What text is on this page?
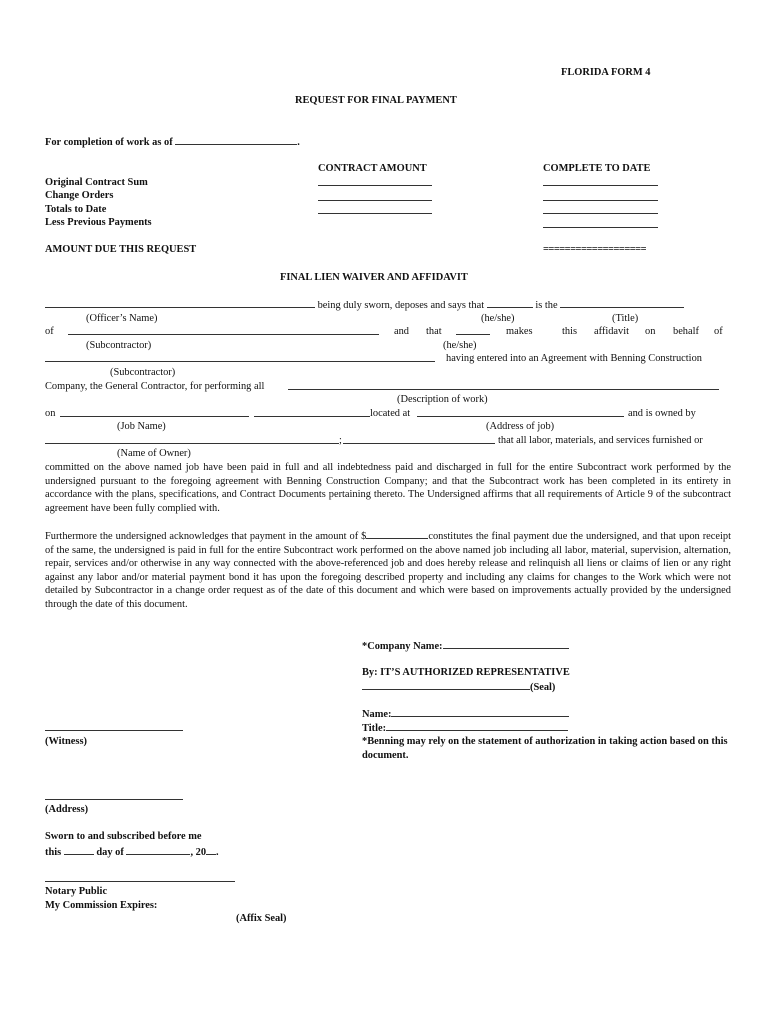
FLORIDA FORM 4
REQUEST FOR FINAL PAYMENT
For completion of work as of	.
CONTRACT AMOUNT	COMPLETE TO DATE
Original Contract Sum
Change Orders
Totals to Date
Less Previous Payments
AMOUNT DUE THIS REQUEST	===================
FINAL LIEN WAIVER AND AFFIDAVIT
being duly sworn, deposes and says that	is the
(Officer’s Name)	(he/she)	(Title)
of	and that	makes	this affidavit on behalf of
(Subcontractor)	(he/she)
having entered into an Agreement with Benning Construction
(Subcontractor)
Company, the General Contractor, for performing all
(Description of work)
on	located at	and is owned by
(Job Name)	(Address of job)
;	that all labor, materials, and services furnished or
(Name of Owner)
committed on the above named job have been paid in full and all indebtedness paid and discharged in full for the entire Subcontract work performed by the undersigned pursuant to the foregoing agreement with Benning Construction Company; and that the Subcontract work has been completed in its entirety in accordance with the plans, specifications, and Contract Documents pertaining thereto. The Undersigned affirms that all requirements of Article 9 of the subcontract agreement have been fully complied with.
Furthermore the undersigned acknowledges that payment in the amount of $	constitutes the final payment due the undersigned, and that upon receipt of the same, the undersigned is paid in full for the entire Subcontract work performed on the above named job including all labor, material, supervision, alternation, repair, services and/or otherwise in any way connected with the above-referenced job and does hereby release and relinquish all liens or claims of lien or any right against any labor and/or material payment bond it has upon the foregoing described property and including any claims for changes to the Work which were not detailed by Subcontractor in a change order request as of the date of this document and which were based on improvements actually provided by the undersigned through the date of this document.
*Company Name:
By: IT’S AUTHORIZED REPRESENTATIVE
(Seal)
Name:
Title:
*Benning may rely on the statement of authorization in taking action based on this document.
(Witness)
(Address)
Sworn to and subscribed before me
this	day of	, 20 .
Notary Public
My Commission Expires:
(Affix Seal)
